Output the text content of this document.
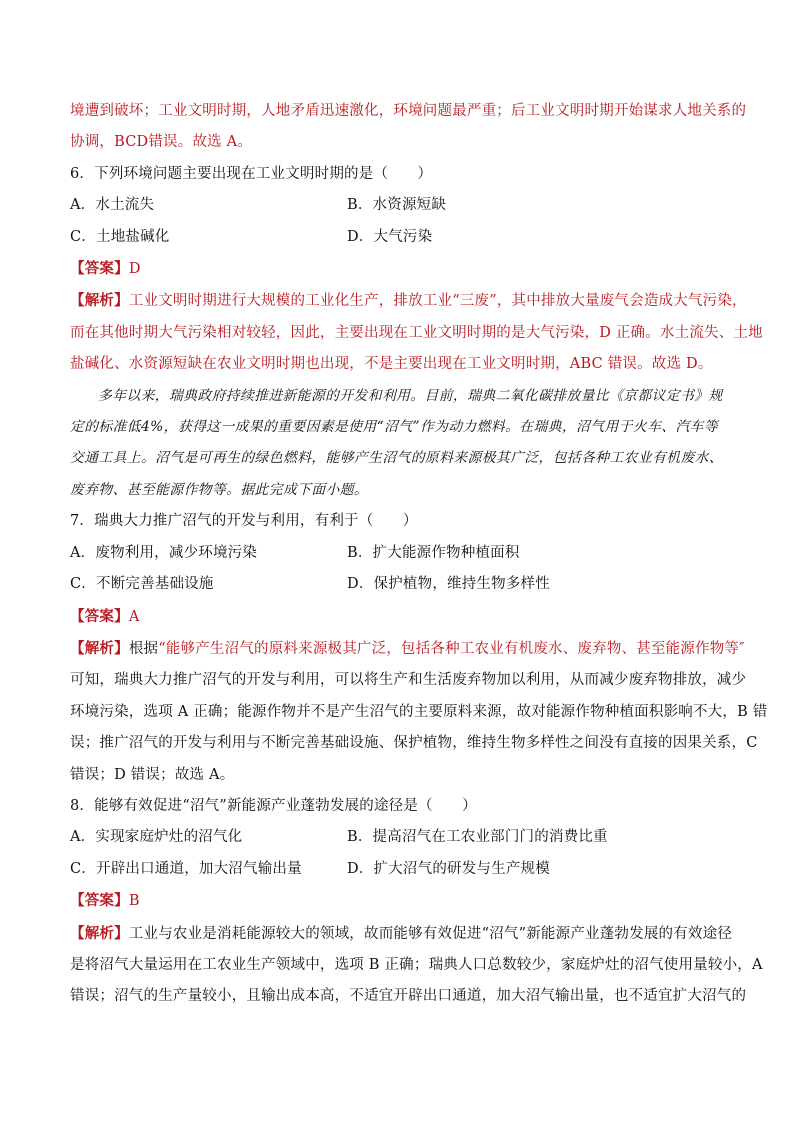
境遭到破坏；工业文明时期，人地矛盾迅速激化，环境问题最严重；后工业文明时期开始谋求人地关系的
协调，BCD错误。故选 A。
6．下列环境问题主要出现在工业文明时期的是（　　）
A．水土流失	B．水资源短缺
C．土地盐碱化	D．大气污染
【答案】D
【解析】工业文明时期进行大规模的工业化生产，排放工业“三废”，其中排放大量废气会造成大气污染，
而在其他时期大气污染相对较轻，因此，主要出现在工业文明时期的是大气污染，D 正确。水土流失、土地
盐碱化、水资源短缺在农业文明时期也出现，不是主要出现在工业文明时期，ABC 错误。故选 D。
多年以来，瑞典政府持续推进新能源的开发和利用。目前，瑞典二氧化碳排放量比《京都议定书》规
定的标准低4%，获得这一成果的重要因素是使用“沼气”作为动力燃料。在瑞典，沼气用于火车、汽车等
交通工具上。沼气是可再生的绿色燃料，能够产生沼气的原料来源极其广泛，包括各种工农业有机废水、
废弃物、甚至能源作物等。据此完成下面小题。
7．瑞典大力推广沼气的开发与利用，有利于（　　）
A．废物利用，减少环境污染	B．扩大能源作物种植面积
C．不断完善基础设施	D．保护植物，维持生物多样性
【答案】A
【解析】根据“能够产生沼气的原料来源极其广泛，包括各种工农业有机废水、废弃物、甚至能源作物等″
可知，瑞典大力推广沼气的开发与利用，可以将生产和生活废弃物加以利用，从而减少废弃物排放，减少
环境污染，选项 A 正确；能源作物并不是产生沼气的主要原料来源，故对能源作物种植面积影响不大，B 错
误；推广沼气的开发与利用与不断完善基础设施、保护植物，维持生物多样性之间没有直接的因果关系，C
错误；D 错误；故选 A。
8．能够有效促进“沼气”新能源产业蓬勃发展的途径是（　　）
A．实现家庭炉灶的沼气化	B．提高沼气在工农业部门门的消费比重
C．开辟出口通道，加大沼气输出量	D．扩大沼气的研发与生产规模
【答案】B
【解析】工业与农业是消耗能源较大的领域，故而能够有效促进“沼气”新能源产业蓬勃发展的有效途径
是将沼气大量运用在工农业生产领域中，选项 B 正确；瑞典人口总数较少，家庭炉灶的沼气使用量较小，A
错误；沼气的生产量较小，且输出成本高，不适宜开辟出口通道，加大沼气输出量，也不适宜扩大沼气的
